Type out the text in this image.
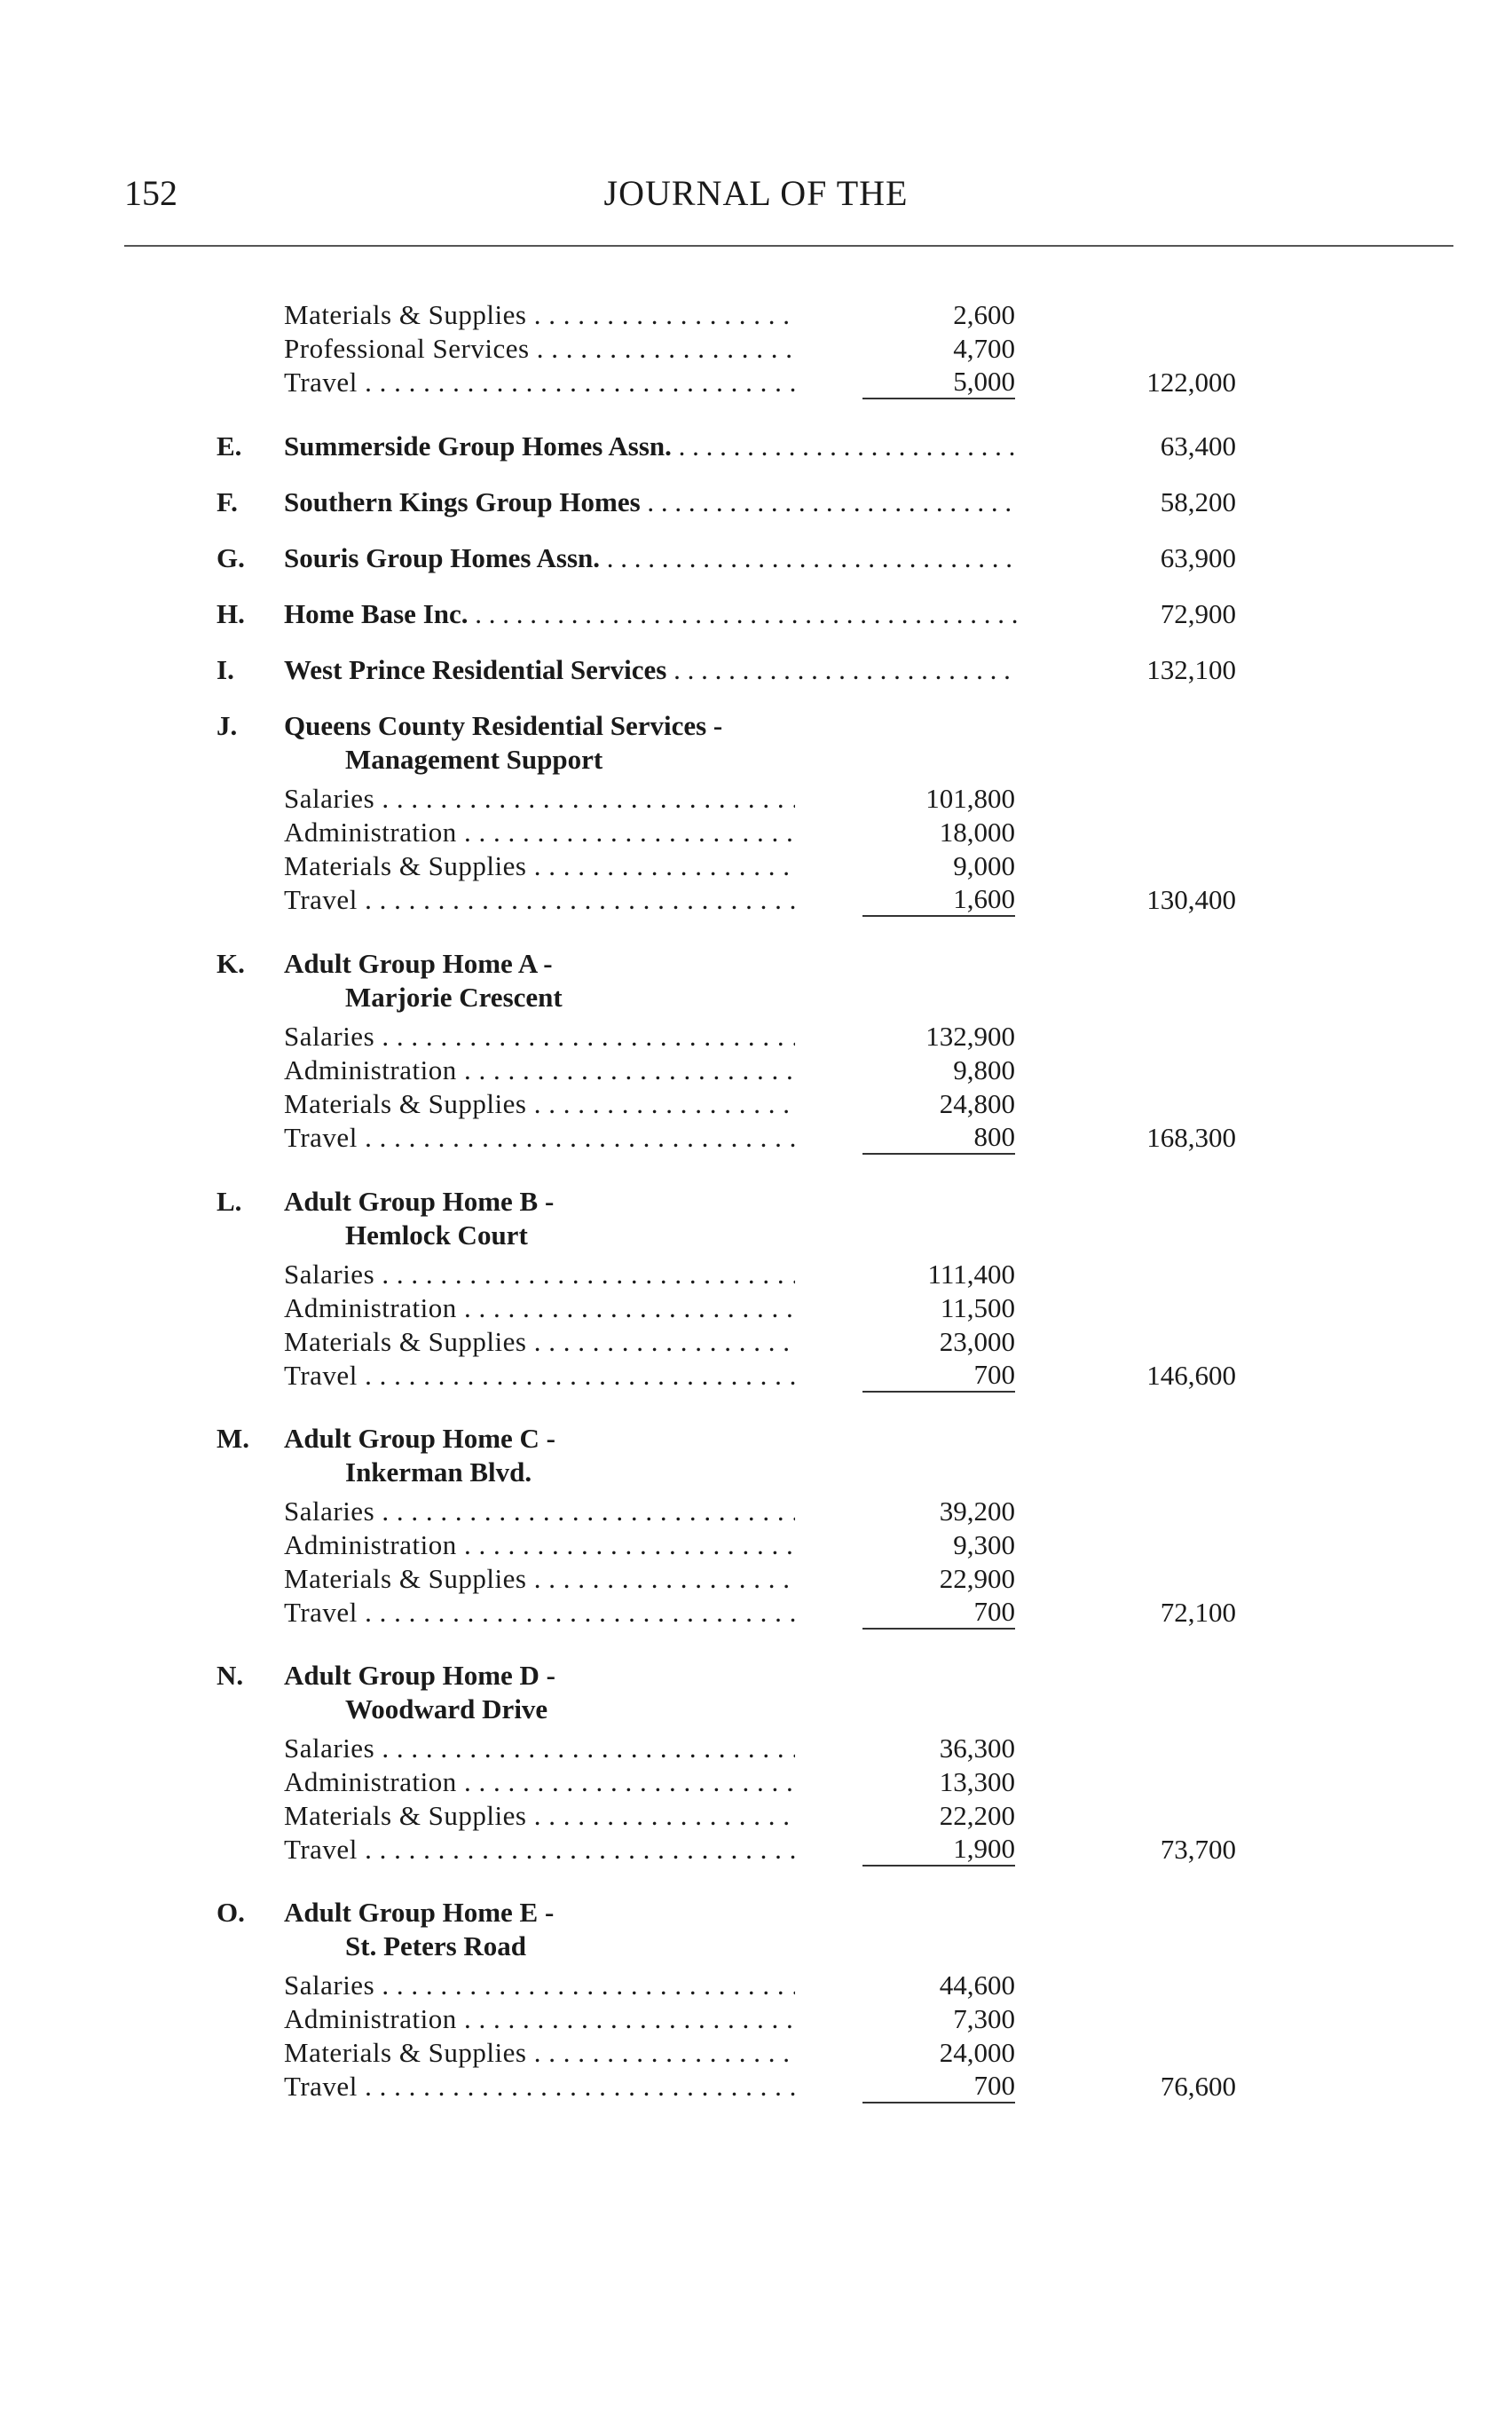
152	JOURNAL OF THE
Materials & Supplies . . .	2,600
Professional Services . . .	4,700
Travel . . .	5,000	122,000
E. Summerside Group Homes Assn. . . .	63,400
F. Southern Kings Group Homes . . .	58,200
G. Souris Group Homes Assn. . . .	63,900
H. Home Base Inc. . . .	72,900
I. West Prince Residential Services . . .	132,100
J. Queens County Residential Services -
Management Support
Salaries . . .	101,800
Administration . . .	18,000
Materials & Supplies . . .	9,000
Travel . . .	1,600	130,400
K. Adult Group Home A -
Marjorie Crescent
Salaries . . .	132,900
Administration . . .	9,800
Materials & Supplies . . .	24,800
Travel . . .	800	168,300
L. Adult Group Home B -
Hemlock Court
Salaries . . .	111,400
Administration . . .	11,500
Materials & Supplies . . .	23,000
Travel . . .	700	146,600
M. Adult Group Home C -
Inkerman Blvd.
Salaries . . .	39,200
Administration . . .	9,300
Materials & Supplies . . .	22,900
Travel . . .	700	72,100
N. Adult Group Home D -
Woodward Drive
Salaries . . .	36,300
Administration . . .	13,300
Materials & Supplies . . .	22,200
Travel . . .	1,900	73,700
O. Adult Group Home E -
St. Peters Road
Salaries . . .	44,600
Administration . . .	7,300
Materials & Supplies . . .	24,000
Travel . . .	700	76,600
